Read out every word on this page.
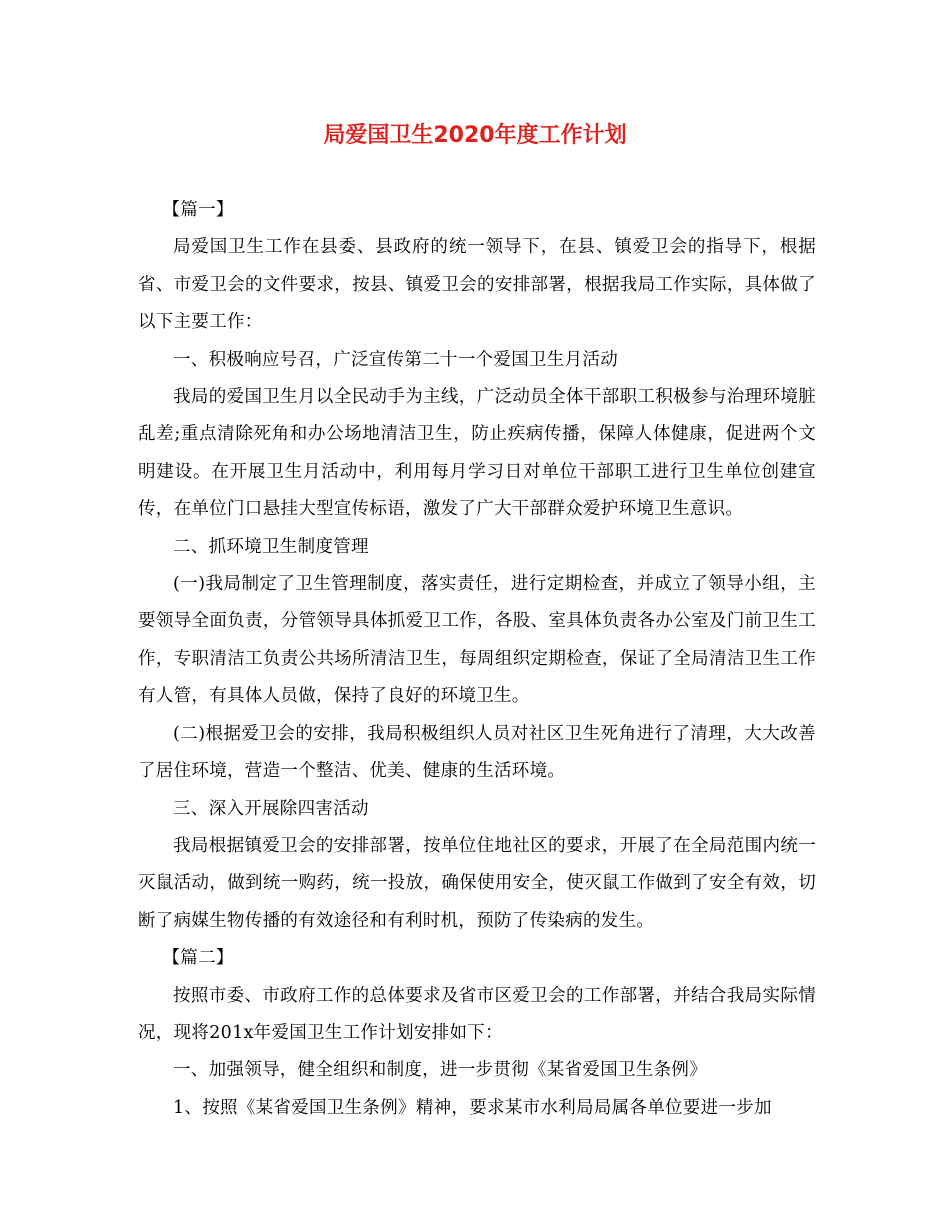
局爱国卫生2020年度工作计划

【篇一】

局爱国卫生工作在县委、县政府的统一领导下，在县、镇爱卫会的指导下，根据省、市爱卫会的文件要求，按县、镇爱卫会的安排部署，根据我局工作实际，具体做了以下主要工作：

一、积极响应号召，广泛宣传第二十一个爱国卫生月活动

我局的爱国卫生月以全民动手为主线，广泛动员全体干部职工积极参与治理环境脏乱差;重点清除死角和办公场地清洁卫生，防止疾病传播，保障人体健康，促进两个文明建设。在开展卫生月活动中，利用每月学习日对单位干部职工进行卫生单位创建宣传，在单位门口悬挂大型宣传标语，激发了广大干部群众爱护环境卫生意识。

二、抓环境卫生制度管理

(一)我局制定了卫生管理制度，落实责任，进行定期检查，并成立了领导小组，主要领导全面负责，分管领导具体抓爱卫工作，各股、室具体负责各办公室及门前卫生工作，专职清洁工负责公共场所清洁卫生，每周组织定期检查，保证了全局清洁卫生工作有人管，有具体人员做，保持了良好的环境卫生。

(二)根据爱卫会的安排，我局积极组织人员对社区卫生死角进行了清理，大大改善了居住环境，营造一个整洁、优美、健康的生活环境。

三、深入开展除四害活动

我局根据镇爱卫会的安排部署，按单位住地社区的要求，开展了在全局范围内统一灭鼠活动，做到统一购药，统一投放，确保使用安全，使灭鼠工作做到了安全有效，切断了病媒生物传播的有效途径和有利时机，预防了传染病的发生。

【篇二】

按照市委、市政府工作的总体要求及省市区爱卫会的工作部署，并结合我局实际情况，现将201x年爱国卫生工作计划安排如下：

一、加强领导，健全组织和制度，进一步贯彻《某省爱国卫生条例》

1、按照《某省爱国卫生条例》精神，要求某市水利局局属各单位要进一步加
